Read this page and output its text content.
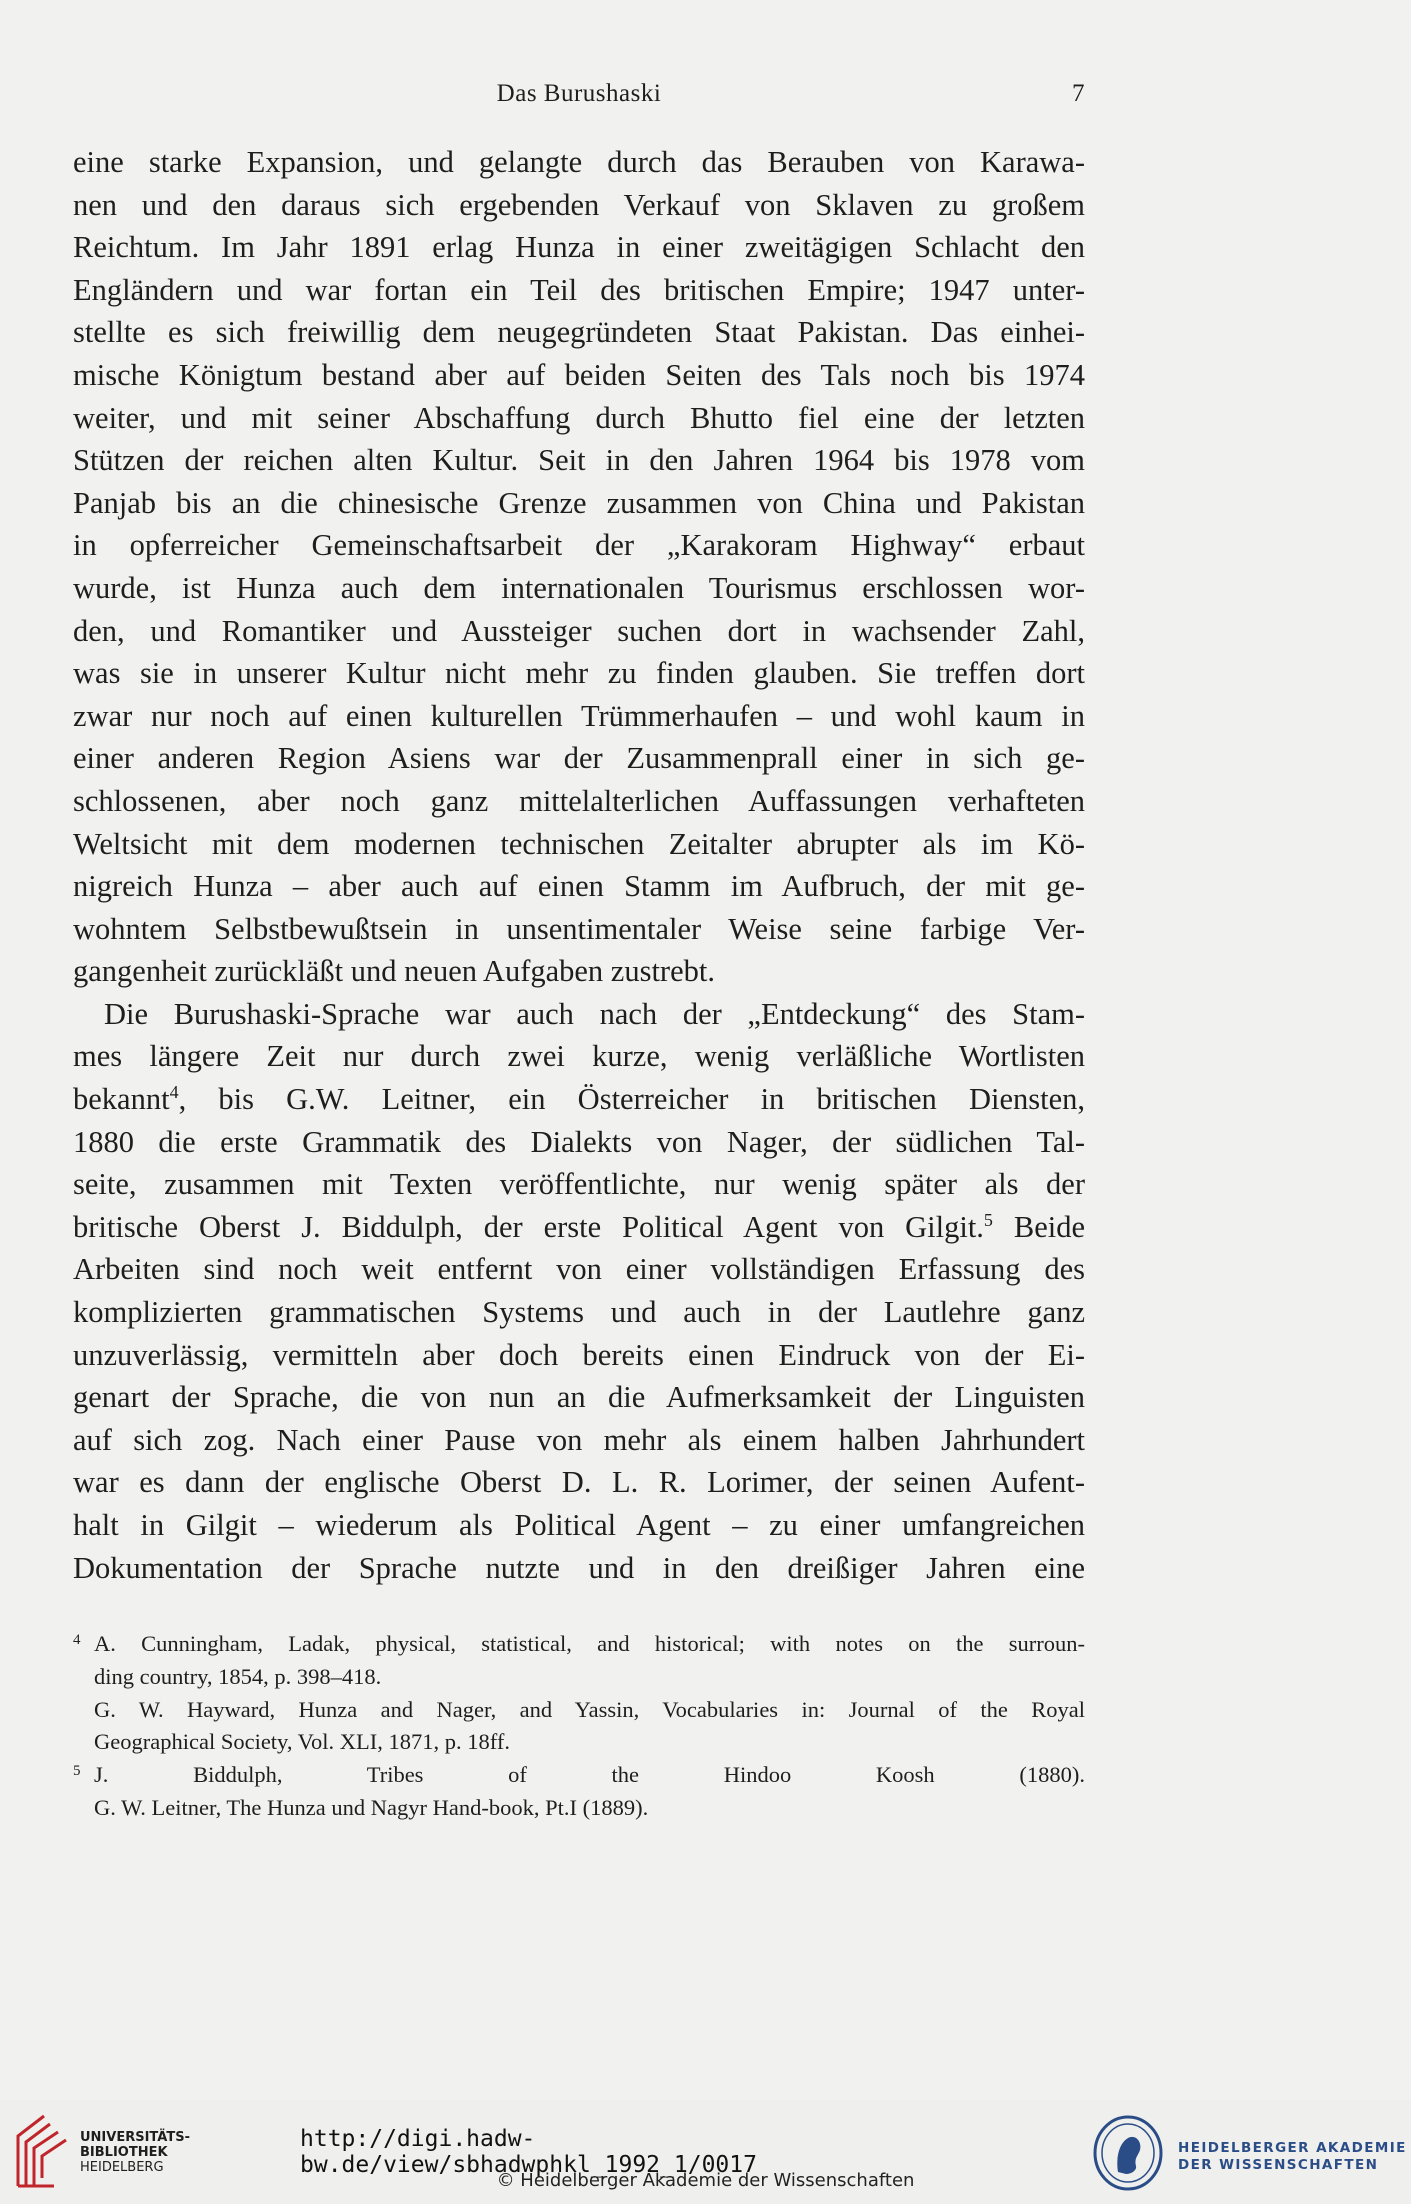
Das Burushaski	7
eine starke Expansion, und gelangte durch das Berauben von Karawa-
nen und den daraus sich ergebenden Verkauf von Sklaven zu großem
Reichtum. Im Jahr 1891 erlag Hunza in einer zweitägigen Schlacht den
Engländern und war fortan ein Teil des britischen Empire; 1947 unter-
stellte es sich freiwillig dem neugegründeten Staat Pakistan. Das einhei-
mische Königtum bestand aber auf beiden Seiten des Tals noch bis 1974
weiter, und mit seiner Abschaffung durch Bhutto fiel eine der letzten
Stützen der reichen alten Kultur. Seit in den Jahren 1964 bis 1978 vom
Panjab bis an die chinesische Grenze zusammen von China und Pakistan
in opferreicher Gemeinschaftsarbeit der „Karakoram Highway“ erbaut
wurde, ist Hunza auch dem internationalen Tourismus erschlossen wor-
den, und Romantiker und Aussteiger suchen dort in wachsender Zahl,
was sie in unserer Kultur nicht mehr zu finden glauben. Sie treffen dort
zwar nur noch auf einen kulturellen Trümmerhaufen – und wohl kaum in
einer anderen Region Asiens war der Zusammenprall einer in sich ge-
schlossenen, aber noch ganz mittelalterlichen Auffassungen verhafteten
Weltsicht mit dem modernen technischen Zeitalter abrupter als im Kö-
nigreich Hunza – aber auch auf einen Stamm im Aufbruch, der mit ge-
wohntem Selbstbewußtsein in unsentimentaler Weise seine farbige Ver-
gangenheit zurückläßt und neuen Aufgaben zustrebt.
Die Burushaski-Sprache war auch nach der „Entdeckung“ des Stam-
mes längere Zeit nur durch zwei kurze, wenig verläßliche Wortlisten
bekannt$^4$, bis G.W. Leitner, ein Österreicher in britischen Diensten,
1880 die erste Grammatik des Dialekts von Nager, der südlichen Tal-
seite, zusammen mit Texten veröffentlichte, nur wenig später als der
britische Oberst J. Biddulph, der erste Political Agent von Gilgit.$^5$ Beide
Arbeiten sind noch weit entfernt von einer vollständigen Erfassung des
komplizierten grammatischen Systems und auch in der Lautlehre ganz
unzuverlässig, vermitteln aber doch bereits einen Eindruck von der Ei-
genart der Sprache, die von nun an die Aufmerksamkeit der Linguisten
auf sich zog. Nach einer Pause von mehr als einem halben Jahrhundert
war es dann der englische Oberst D. L. R. Lorimer, der seinen Aufent-
halt in Gilgit – wiederum als Political Agent – zu einer umfangreichen
Dokumentation der Sprache nutzte und in den dreißiger Jahren eine
4 A. Cunningham, Ladak, physical, statistical, and historical; with notes on the surroun-
ding country, 1854, p. 398–418.
G. W. Hayward, Hunza and Nager, and Yassin, Vocabularies in: Journal of the Royal
Geographical Society, Vol. XLI, 1871, p. 18ff.
5 J. Biddulph, Tribes of the Hindoo Koosh (1880).
G. W. Leitner, The Hunza und Nagyr Hand-book, Pt.I (1889).
UNIVERSITÄTS-
BIBLIOTHEK
HEIDELBERG
http://digi.hadw-bw.de/view/sbhadwphkl_1992_1/0017
© Heidelberger Akademie der Wissenschaften
HEIDELBERGER AKADEMIE
DER WISSENSCHAFTEN
